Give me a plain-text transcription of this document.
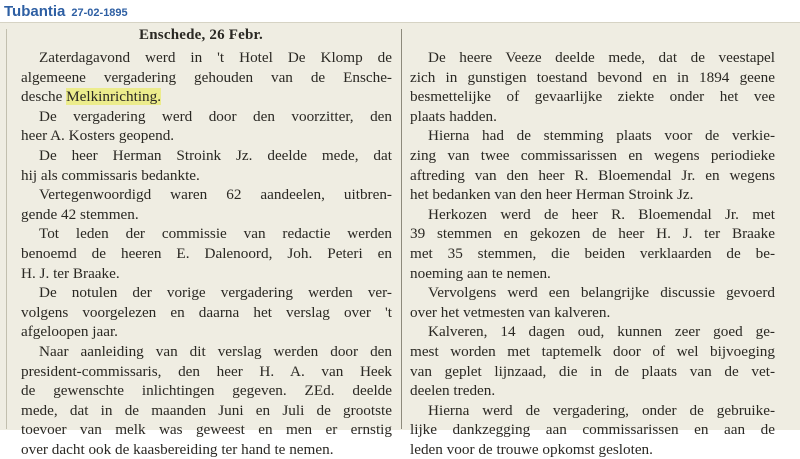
Tubantia 27-02-1895
Enschede, 26 Febr.
Zaterdagavond werd in 't Hotel De Klomp de
algemeene vergadering gehouden van de Ensche-
desche Melkinrichting.
De vergadering werd door den voorzitter, den
heer A. Kosters geopend.
De heer Herman Stroink Jz. deelde mede, dat
hij als commissaris bedankte.
Vertegenwoordigd waren 62 aandeelen, uitbren-
gende 42 stemmen.
Tot leden der commissie van redactie werden
benoemd de heeren E. Dalenoord, Joh. Peteri en
H. J. ter Braake.
De notulen der vorige vergadering werden ver-
volgens voorgelezen en daarna het verslag over 't
afgeloopen jaar.
Naar aanleiding van dit verslag werden door den
president-commissaris, den heer H. A. van Heek
de gewenschte inlichtingen gegeven. ZEd. deelde
mede, dat in de maanden Juni en Juli de grootste
toevoer van melk was geweest en men er ernstig
over dacht ook de kaasbereiding ter hand te nemen.
De heere Veeze deelde mede, dat de veestapel
zich in gunstigen toestand bevond en in 1894 geene
besmettelijke of gevaarlijke ziekte onder het vee
plaats hadden.
Hierna had de stemming plaats voor de verkie-
zing van twee commissarissen en wegens periodieke
aftreding van den heer R. Bloemendal Jr. en wegens
het bedanken van den heer Herman Stroink Jz.
Herkozen werd de heer R. Bloemendal Jr. met
39 stemmen en gekozen de heer H. J. ter Braake
met 35 stemmen, die beiden verklaarden de be-
noeming aan te nemen.
Vervolgens werd een belangrijke discussie gevoerd
over het vetmesten van kalveren.
Kalveren, 14 dagen oud, kunnen zeer goed ge-
mest worden met taptemelk door of wel bijvoeging
van geplet lijnzaad, die in de plaats van de vet-
deelen treden.
Hierna werd de vergadering, onder de gebruike-
lijke dankzegging aan commissarissen en aan de
leden voor de trouwe opkomst gesloten.
